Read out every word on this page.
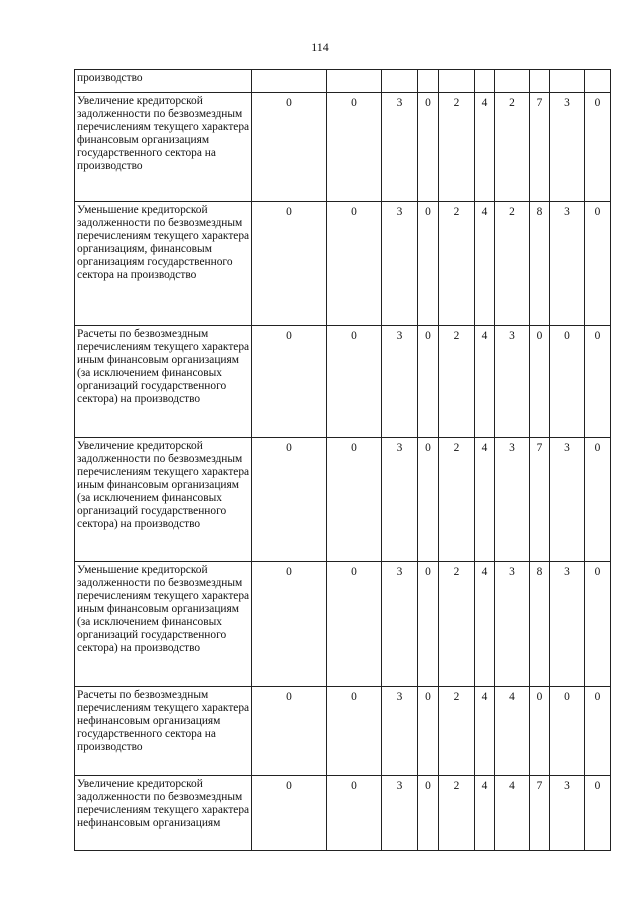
114
производство										
Увеличение кредиторской задолженности по безвозмездным перечислениям текущего характера финансовым организациям государственного сектора на производство	0	0	3	0	2	4	2	7	3	0
Уменьшение кредиторской задолженности по безвозмездным перечислениям текущего характера организациям, финансовым организациям государственного сектора на производство	0	0	3	0	2	4	2	8	3	0
Расчеты по безвозмездным перечислениям текущего характера иным финансовым организациям (за исключением финансовых организаций государственного сектора) на производство	0	0	3	0	2	4	3	0	0	0
Увеличение кредиторской задолженности по безвозмездным перечислениям текущего характера иным финансовым организациям (за исключением финансовых организаций государственного сектора) на производство	0	0	3	0	2	4	3	7	3	0
Уменьшение кредиторской задолженности по безвозмездным перечислениям текущего характера иным финансовым организациям (за исключением финансовых организаций государственного сектора) на производство	0	0	3	0	2	4	3	8	3	0
Расчеты по безвозмездным перечислениям текущего характера нефинансовым организациям государственного сектора на производство	0	0	3	0	2	4	4	0	0	0
Увеличение кредиторской задолженности по безвозмездным перечислениям текущего характера нефинансовым организациям	0	0	3	0	2	4	4	7	3	0
